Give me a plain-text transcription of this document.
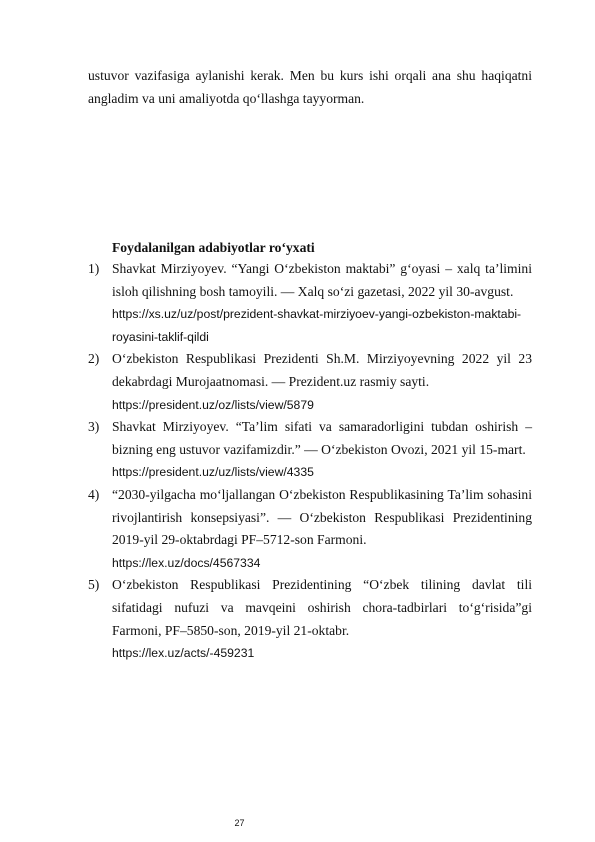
ustuvor vazifasiga aylanishi kerak. Men bu kurs ishi orqali ana shu haqiqatni angladim va uni amaliyotda qo‘llashga tayyorman.

Foydalanilgan adabiyotlar ro‘yxati
1) Shavkat Mirziyoyev. “Yangi O‘zbekiston maktabi” g‘oyasi – xalq ta’limini isloh qilishning bosh tamoyili. — Xalq so‘zi gazetasi, 2022 yil 30-avgust.
https://xs.uz/uz/post/prezident-shavkat-mirziyoev-yangi-ozbekiston-maktabi-royasini-taklif-qildi
2) O‘zbekiston Respublikasi Prezidenti Sh.M. Mirziyoyevning 2022 yil 23 dekabrdagi Murojaatnomasi. — Prezident.uz rasmiy sayti.
https://president.uz/oz/lists/view/5879
3) Shavkat Mirziyoyev. “Ta’lim sifati va samaradorligini tubdan oshirish – bizning eng ustuvor vazifamizdir.” — O‘zbekiston Ovozi, 2021 yil 15-mart.
https://president.uz/uz/lists/view/4335
4) “2030-yilgacha mo‘ljallangan O‘zbekiston Respublikasining Ta’lim sohasini rivojlantirish konsepsiyasi”. — O‘zbekiston Respublikasi Prezidentining 2019-yil 29-oktabrdagi PF–5712-son Farmoni.
https://lex.uz/docs/4567334
5) O‘zbekiston Respublikasi Prezidentining “O‘zbek tilining davlat tili sifatidagi nufuzi va mavqeini oshirish chora-tadbirlari to‘g‘risida”gi Farmoni, PF–5850-son, 2019-yil 21-oktabr.
https://lex.uz/acts/-459231
27
